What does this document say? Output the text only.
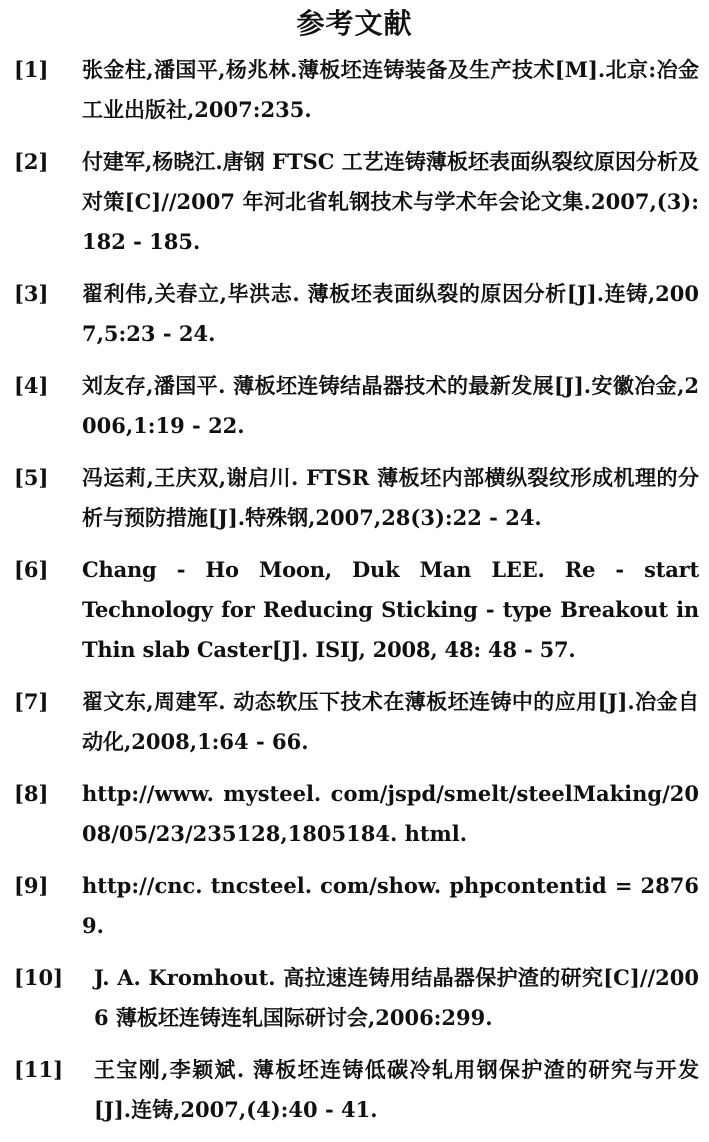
参考文献
[1] 张金柱,潘国平,杨兆林.薄板坯连铸装备及生产技术[M].北京:冶金工业出版社,2007:235.
[2] 付建军,杨晓江.唐钢 FTSC 工艺连铸薄板坯表面纵裂纹原因分析及对策[C]//2007 年河北省轧钢技术与学术年会论文集.2007,(3):182 - 185.
[3] 翟利伟,关春立,毕洪志. 薄板坯表面纵裂的原因分析[J].连铸,2007,5:23 - 24.
[4] 刘友存,潘国平. 薄板坯连铸结晶器技术的最新发展[J].安徽冶金,2006,1:19 - 22.
[5] 冯运莉,王庆双,谢启川. FTSR 薄板坯内部横纵裂纹形成机理的分析与预防措施[J].特殊钢,2007,28(3):22 - 24.
[6] Chang - Ho Moon, Duk Man LEE. Re - start Technology for Reducing Sticking - type Breakout in Thin slab Caster[J]. ISIJ, 2008, 48: 48 - 57.
[7] 翟文东,周建军. 动态软压下技术在薄板坯连铸中的应用[J].冶金自动化,2008,1:64 - 66.
[8] http://www. mysteel. com/jspd/smelt/steelMaking/2008/05/23/235128,1805184. html.
[9] http://cnc. tncsteel. com/show. phpcontentid = 28769.
[10] J. A. Kromhout. 高拉速连铸用结晶器保护渣的研究[C]//2006 薄板坯连铸连轧国际研讨会,2006:299.
[11] 王宝刚,李颖斌. 薄板坯连铸低碳冷轧用钢保护渣的研究与开发[J].连铸,2007,(4):40 - 41.
